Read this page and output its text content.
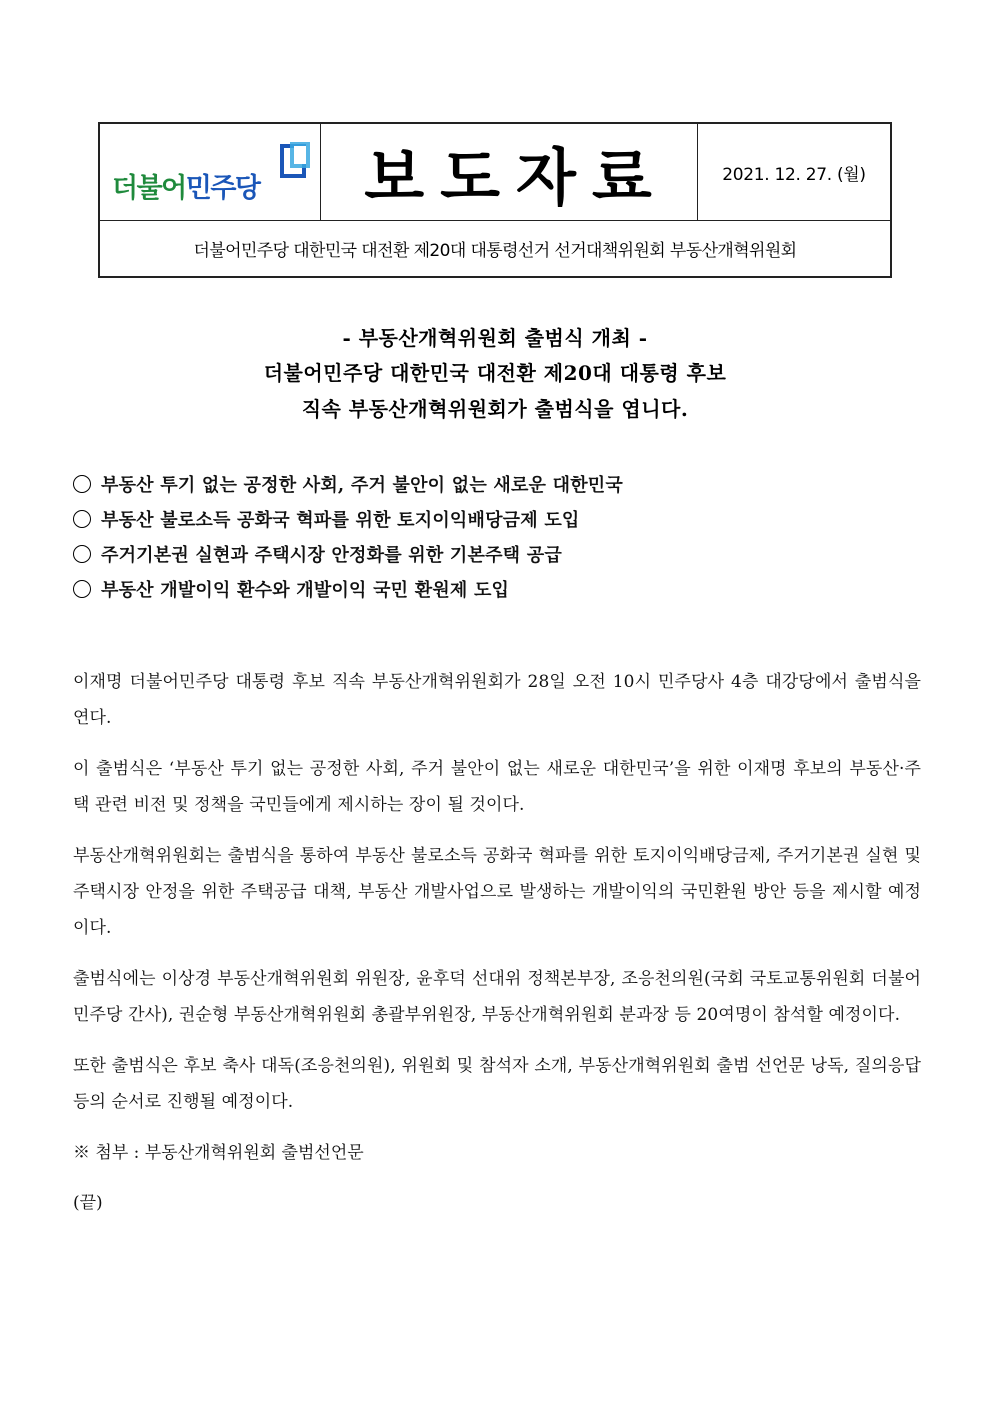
더불어민주당 보도자료	2021. 12. 27. (월)
더불어민주당 대한민국 대전환 제20대 대통령선거 선거대책위원회 부동산개혁위원회
- 부동산개혁위원회 출범식 개최 -
더불어민주당 대한민국 대전환 제20대 대통령 후보
직속 부동산개혁위원회가 출범식을 엽니다.
부동산 투기 없는 공정한 사회, 주거 불안이 없는 새로운 대한민국
부동산 불로소득 공화국 혁파를 위한 토지이익배당금제 도입
주거기본권 실현과 주택시장 안정화를 위한 기본주택 공급
부동산 개발이익 환수와 개발이익 국민 환원제 도입

이재명 더불어민주당 대통령 후보 직속 부동산개혁위원회가 28일 오전 10시 민주당사 4층 대강당에서 출범식을 연다.

이 출범식은 ‘부동산 투기 없는 공정한 사회, 주거 불안이 없는 새로운 대한민국’을 위한 이재명 후보의 부동산·주택 관련 비전 및 정책을 국민들에게 제시하는 장이 될 것이다.

부동산개혁위원회는 출범식을 통하여 부동산 불로소득 공화국 혁파를 위한 토지이익배당금제, 주거기본권 실현 및 주택시장 안정을 위한 주택공급 대책, 부동산 개발사업으로 발생하는 개발이익의 국민환원 방안 등을 제시할 예정이다.

출범식에는 이상경 부동산개혁위원회 위원장, 윤후덕 선대위 정책본부장, 조응천의원(국회 국토교통위원회 더불어민주당 간사), 권순형 부동산개혁위원회 총괄부위원장, 부동산개혁위원회 분과장 등 20여명이 참석할 예정이다.

또한 출범식은 후보 축사 대독(조응천의원), 위원회 및 참석자 소개, 부동산개혁위원회 출범 선언문 낭독, 질의응답 등의 순서로 진행될 예정이다.

※ 첨부 : 부동산개혁위원회 출범선언문

(끝)
